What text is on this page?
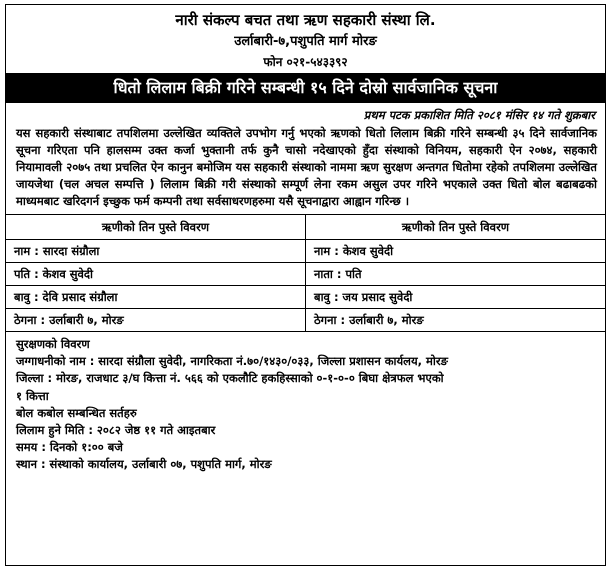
नारी संकल्प बचत तथा ऋण सहकारी संस्था लि.
उर्लाबारी-७,पशुपति मार्ग मोरङ
फोन ०२१-५४३३९२
धितो लिलाम बिक्री गरिने सम्बन्धी १५ दिने दोस्रो सार्वजानिक सूचना
प्रथम पटक प्रकाशित मिति २०८१ मंसिर १४ गते शुक्रबार
यस सहकारी संस्थाबाट तपशिलमा उल्लेखित व्यक्तिले उपभोग गर्नु भएको ऋणको धितो लिलाम बिक्री गरिने सम्बन्धी ३५ दिने सार्वजानिक सूचना गरिएता पनि हालसम्म उक्त कर्जा भुक्तानी तर्फ कुनै चासो नदेखाएको हुँदा संस्थाको विनियम, सहकारी ऐन २०७४, सहकारी नियामावली २०७५ तथा प्रचलित ऐन कानुन बमोजिम यस सहकारी संस्थाको नाममा ऋण सुरक्षण अन्तगत धितोमा रहेको तपशिलमा उल्लेखित जायजेथा (चल अचल सम्पत्ति ) लिलाम बिक्री गरी संस्थाको सम्पूर्ण लेना रकम असुल उपर गरिने भएकाले उक्त धितो बोल बढाबढको माध्यमबाट खरिदगर्न इच्छुक फर्म कम्पनी तथा सर्वसाधरणहरुमा यसै सूचनाद्वारा आह्वान गरिन्छ ।
ऋणीको तिन पुस्ते विवरण	ऋणीको तिन पुस्ते विवरण
नाम : सारदा संग्रौला	नाम : केशव सुवेदी
पति : केशव सुवेदी	नाता : पति
बावु : देवि प्रसाद संग्रौला	बावु : जय प्रसाद सुवेदी
ठेगना : उर्लाबारी ७, मोरङ	ठेगना : उर्लाबारी ७, मोरङ
सुरक्षणको विवरण
जग्गाधनीको नाम : सारदा संग्रौला सुवेदी, नागरिकता नं.७०/१४३०/०३३, जिल्ला प्रशासन कार्यलय, मोरङ
जिल्ला : मोरङ, राजधाट ३/घ कित्ता नं. ५६६ को एकलौटि हकहिस्साको ०-१-०-० बिघा क्षेत्रफल भएको
१ कित्ता
बोल कबोल सम्बन्धित सर्तहरु
लिलाम हुने मिति : २०८२ जेष्ठ ११ गते आइतबार
समय : दिनको १:०० बजे
स्थान : संस्थाको कार्यालय, उर्लाबारी ०७, पशुपति मार्ग, मोरङ
